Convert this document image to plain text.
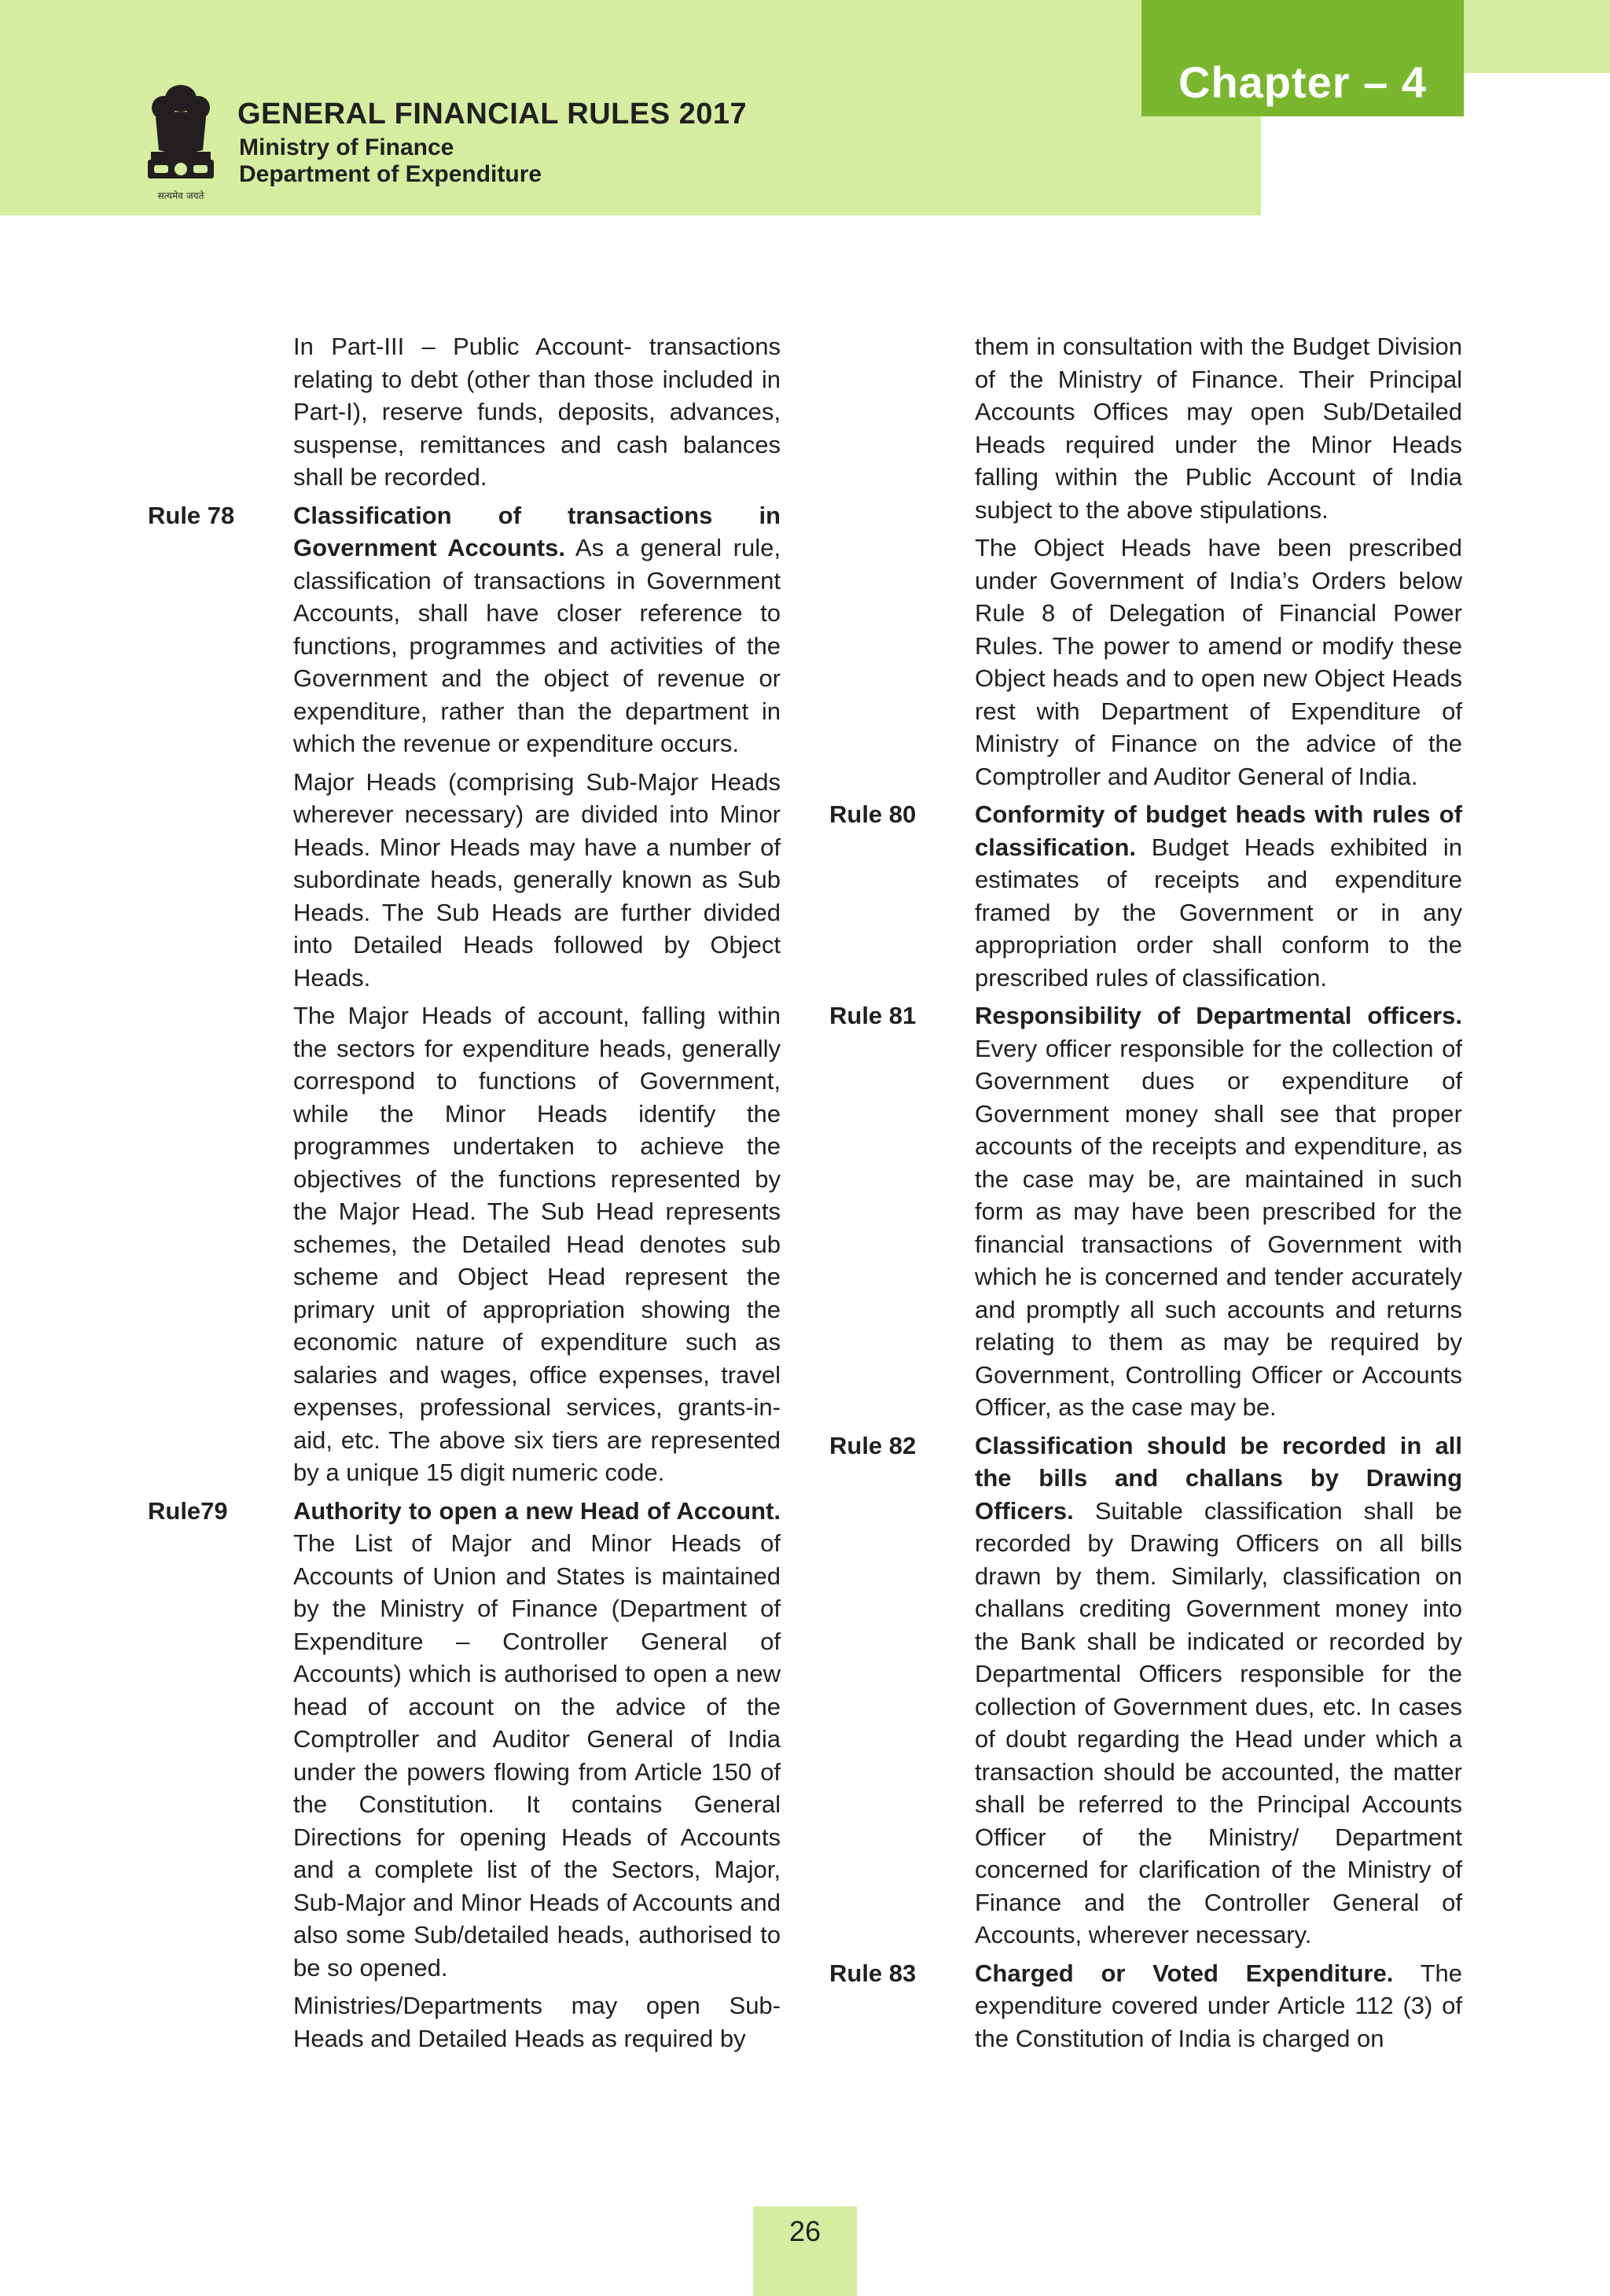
Chapter – 4
सत्यमेव जयते
GENERAL FINANCIAL RULES 2017
Ministry of Finance
Department of Expenditure

In Part-III – Public Account- transactions relating to debt (other than those included in Part-I), reserve funds, deposits, advances, suspense, remittances and cash balances shall be recorded.

Rule 78 Classification of transactions in Government Accounts. As a general rule, classification of transactions in Government Accounts, shall have closer reference to functions, programmes and activities of the Government and the object of revenue or expenditure, rather than the department in which the revenue or expenditure occurs.

Major Heads (comprising Sub-Major Heads wherever necessary) are divided into Minor Heads. Minor Heads may have a number of subordinate heads, generally known as Sub Heads. The Sub Heads are further divided into Detailed Heads followed by Object Heads.

The Major Heads of account, falling within the sectors for expenditure heads, generally correspond to functions of Government, while the Minor Heads identify the programmes undertaken to achieve the objectives of the functions represented by the Major Head. The Sub Head represents schemes, the Detailed Head denotes sub scheme and Object Head represent the primary unit of appropriation showing the economic nature of expenditure such as salaries and wages, office expenses, travel expenses, professional services, grants-in-aid, etc. The above six tiers are represented by a unique 15 digit numeric code.

Rule79	Authority to open a new Head of Account. The List of Major and Minor Heads of Accounts of Union and States is maintained by the Ministry of Finance (Department of Expenditure – Controller General of Accounts) which is authorised to open a new head of account on the advice of the Comptroller and Auditor General of India under the powers flowing from Article 150 of the Constitution. It contains General Directions for opening Heads of Accounts and a complete list of the Sectors, Major, Sub-Major and Minor Heads of Accounts and also some Sub/detailed heads, authorised to be so opened.

Ministries/Departments may open Sub-Heads and Detailed Heads as required by

them in consultation with the Budget Division of the Ministry of Finance. Their Principal Accounts Offices may open Sub/Detailed Heads required under the Minor Heads falling within the Public Account of India subject to the above stipulations.

The Object Heads have been prescribed under Government of India’s Orders below Rule 8 of Delegation of Financial Power Rules. The power to amend or modify these Object heads and to open new Object Heads rest with Department of Expenditure of Ministry of Finance on the advice of the Comptroller and Auditor General of India.

Rule 80 Conformity of budget heads with rules of classification. Budget Heads exhibited in estimates of receipts and expenditure framed by the Government or in any appropriation order shall conform to the prescribed rules of classification.

Rule 81 Responsibility of Departmental officers. Every officer responsible for the collection of Government dues or expenditure of Government money shall see that proper accounts of the receipts and expenditure, as the case may be, are maintained in such form as may have been prescribed for the financial transactions of Government with which he is concerned and tender accurately and promptly all such accounts and returns relating to them as may be required by Government, Controlling Officer or Accounts Officer, as the case may be.

Rule 82 Classification should be recorded in all the bills and challans by Drawing Officers. Suitable classification shall be recorded by Drawing Officers on all bills drawn by them. Similarly, classification on challans crediting Government money into the Bank shall be indicated or recorded by Departmental Officers responsible for the collection of Government dues, etc. In cases of doubt regarding the Head under which a transaction should be accounted, the matter shall be referred to the Principal Accounts Officer of the Ministry/ Department concerned for clarification of the Ministry of Finance and the Controller General of Accounts, wherever necessary.

Rule 83 Charged or Voted Expenditure. The expenditure covered under Article 112 (3) of the Constitution of India is charged on

26
